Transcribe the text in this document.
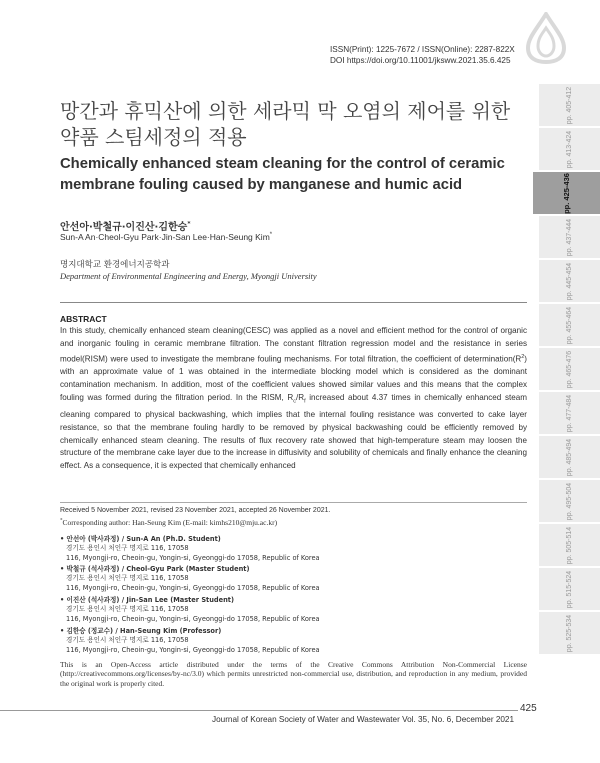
ISSN(Print): 1225-7672 / ISSN(Online): 2287-822X
DOI https://doi.org/10.11001/jksww.2021.35.6.425
pp. 405-412
pp. 413-424
pp. 425-436
pp. 437-444
pp. 445-454
pp. 455-464
pp. 465-476
pp. 477-484
pp. 485-494
pp. 495-504
pp. 505-514
pp. 515-524
pp. 525-534
망간과 휴믹산에 의한 세라믹 막 오염의 제어를 위한 약품 스팀세정의 적용
Chemically enhanced steam cleaning for the control of ceramic membrane fouling caused by manganese and humic acid
안선아·박철규·이진산·김한승*
Sun-A An·Cheol-Gyu Park·Jin-San Lee·Han-Seung Kim*
명지대학교 환경에너지공학과
Department of Environmental Engineering and Energy, Myongji University
ABSTRACT
In this study, chemically enhanced steam cleaning(CESC) was applied as a novel and efficient method for the control of organic and inorganic fouling in ceramic membrane filtration. The constant filtration regression model and the resistance in series model(RISM) were used to investigate the membrane fouling mechanisms. For total filtration, the coefficient of $determination(R^2)$ with an approximate value of 1 was obtained in the intermediate blocking model which is considered as the dominant contamination mechanism. In addition, most of the coefficient values showed similar values and this means that the complex fouling was formed during the filtration period. In the RISM, $R_c/R_f$ increased about 4.37 times in chemically enhanced steam cleaning compared to physical backwashing, which implies that the internal fouling resistance was converted to cake layer resistance, so that the membrane fouling hardly to be removed by physical backwashing could be efficiently removed by chemically enhanced steam cleaning. The results of flux recovery rate showed that high-temperature steam may loosen the structure of the membrane cake layer due to the increase in diffusivity and solubility of chemicals and finally enhance the cleaning effect. As a consequence, it is expected that chemically enhanced
Received 5 November 2021, revised 23 November 2021, accepted 26 November 2021.
*Corresponding author: Han-Seung Kim (E-mail: kimhs210@mju.ac.kr)
• 안선아 (박사과정) / Sun-A An (Ph.D. Student)
경기도 용인시 처인구 명지로 116, 17058
116, Myongji-ro, Cheoin-gu, Yongin-si, Gyeonggi-do 17058, Republic of Korea
• 박철규 (석사과정) / Cheol-Gyu Park (Master Student)
경기도 용인시 처인구 명지로 116, 17058
116, Myongji-ro, Cheoin-gu, Yongin-si, Gyeonggi-do 17058, Republic of Korea
• 이진산 (석사과정) / Jin-San Lee (Master Student)
경기도 용인시 처인구 명지로 116, 17058
116, Myongji-ro, Cheoin-gu, Yongin-si, Gyeonggi-do 17058, Republic of Korea
• 김한승 (정교수) / Han-Seung Kim (Professor)
경기도 용인시 처인구 명지로 116, 17058
116, Myongji-ro, Cheoin-gu, Yongin-si, Gyeonggi-do 17058, Republic of Korea
This is an Open-Access article distributed under the terms of the Creative Commons Attribution Non-Commercial License (http://creativecommons.org/licenses/by-nc/3.0) which permits unrestricted non-commercial use, distribution, and reproduction in any medium, provided the original work is properly cited.
425
Journal of Korean Society of Water and Wastewater Vol. 35, No. 6, December 2021
